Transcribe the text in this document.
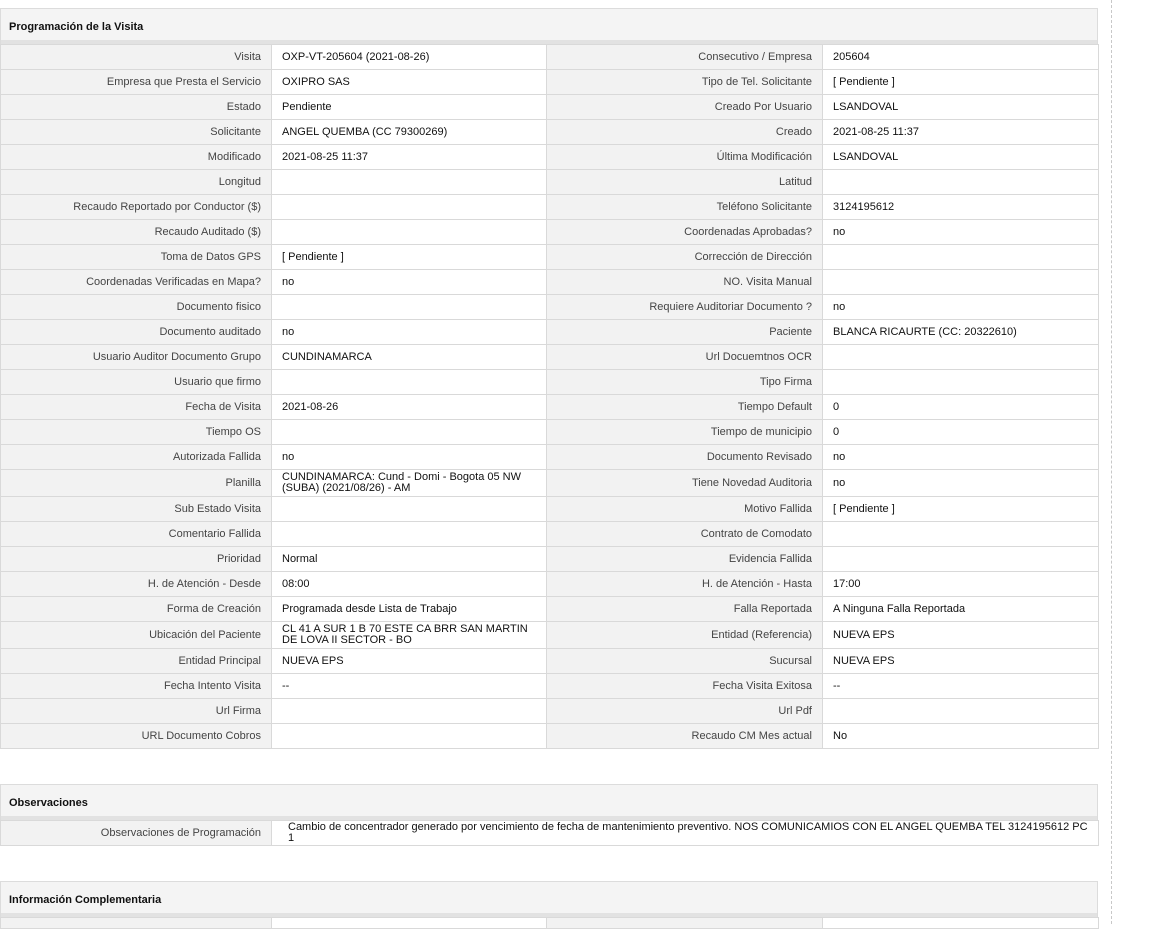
Programación de la Visita
Visita	OXP-VT-205604 (2021-08-26)	Consecutivo / Empresa	205604
Empresa que Presta el Servicio	OXIPRO SAS	Tipo de Tel. Solicitante	[ Pendiente ]
Estado	Pendiente	Creado Por Usuario	LSANDOVAL
Solicitante	ANGEL QUEMBA (CC 79300269)	Creado	2021-08-25 11:37
Modificado	2021-08-25 11:37	Última Modificación	LSANDOVAL
Longitud		Latitud	
Recaudo Reportado por Conductor ($)		Teléfono Solicitante	3124195612
Recaudo Auditado ($)		Coordenadas Aprobadas?	no
Toma de Datos GPS	[ Pendiente ]	Corrección de Dirección	
Coordenadas Verificadas en Mapa?	no	NO. Visita Manual	
Documento fisico		Requiere Auditoriar Documento ?	no
Documento auditado	no	Paciente	BLANCA RICAURTE (CC: 20322610)
Usuario Auditor Documento Grupo	CUNDINAMARCA	Url Docuemtnos OCR	
Usuario que firmo		Tipo Firma	
Fecha de Visita	2021-08-26	Tiempo Default	0
Tiempo OS		Tiempo de municipio	0
Autorizada Fallida	no	Documento Revisado	no
Planilla	CUNDINAMARCA: Cund - Domi - Bogota 05 NW (SUBA) (2021/08/26) - AM	Tiene Novedad Auditoria	no
Sub Estado Visita		Motivo Fallida	[ Pendiente ]
Comentario Fallida		Contrato de Comodato	
Prioridad	Normal	Evidencia Fallida	
H. de Atención - Desde	08:00	H. de Atención - Hasta	17:00
Forma de Creación	Programada desde Lista de Trabajo	Falla Reportada	A Ninguna Falla Reportada
Ubicación del Paciente	CL 41 A SUR 1 B 70 ESTE CA BRR SAN MARTIN DE LOVA II SECTOR - BO	Entidad (Referencia)	NUEVA EPS
Entidad Principal	NUEVA EPS	Sucursal	NUEVA EPS
Fecha Intento Visita	--	Fecha Visita Exitosa	--
Url Firma		Url Pdf	
URL Documento Cobros		Recaudo CM Mes actual	No
Observaciones
Observaciones de Programación	Cambio de concentrador generado por vencimiento de fecha de mantenimiento preventivo. NOS COMUNICAMIOS CON EL ANGEL QUEMBA TEL 3124195612 PC 1
Información Complementaria
